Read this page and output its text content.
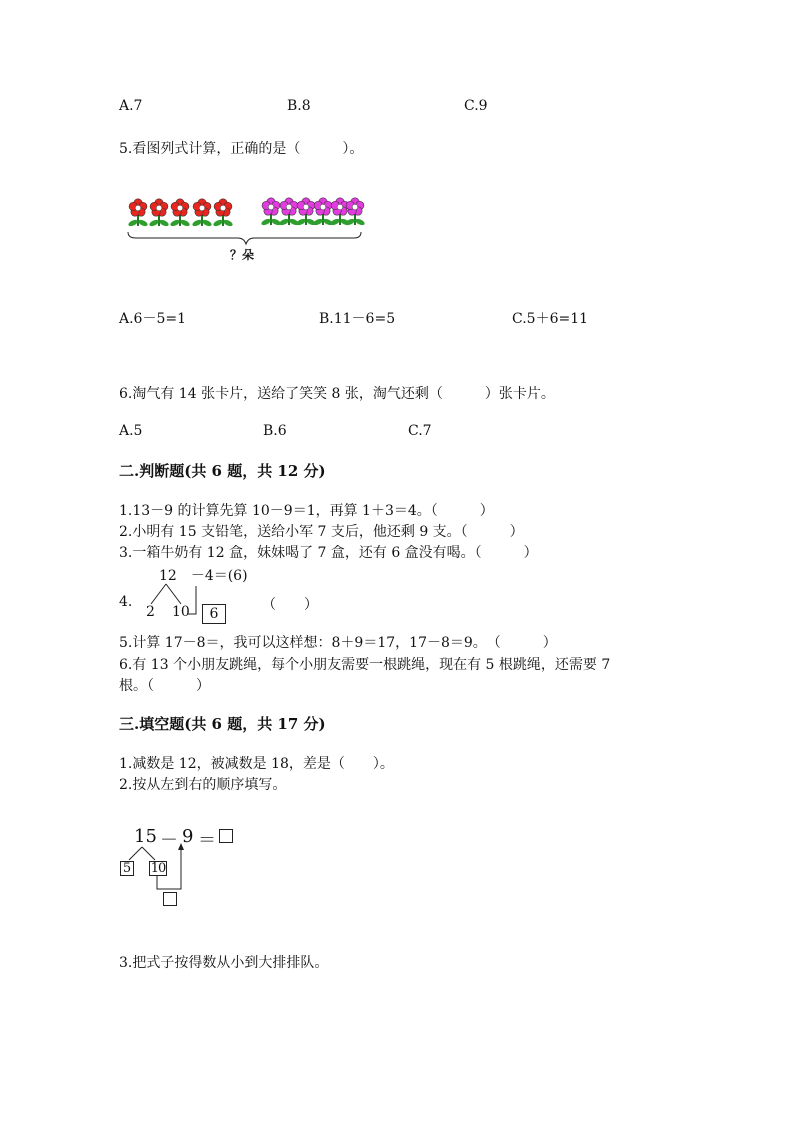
A.7	B.8	C.9
5.看图列式计算，正确的是（　　　）。
？朵
A.6－5=1	B.11－6=5	C.5＋6=11
6.淘气有 14 张卡片，送给了笑笑 8 张，淘气还剩（　　　）张卡片。
A.5	B.6	C.7
二.判断题(共 6 题，共 12 分)
1.13－9 的计算先算 10－9＝1，再算 1＋3＝4。（　　　）
2.小明有 15 支铅笔，送给小军 7 支后，他还剩 9 支。（　　　）
3.一箱牛奶有 12 盒，妹妹喝了 7 盒，还有 6 盒没有喝。（　　　）
12　－4＝(6)
4.
2 10	6
（　　）
5.计算 17－8＝，我可以这样想：8＋9＝17，17－8＝9。　（　　　）
6.有 13 个小朋友跳绳，每个小朋友需要一根跳绳，现在有 5 根跳绳，还需要 7
根。（　　　）
三.填空题(共 6 题，共 17 分)
1.减数是 12，被减数是 18，差是（　　）。
2.按从左到右的顺序填写。
15 － 9 ＝
5 10
3.把式子按得数从小到大排排队。
